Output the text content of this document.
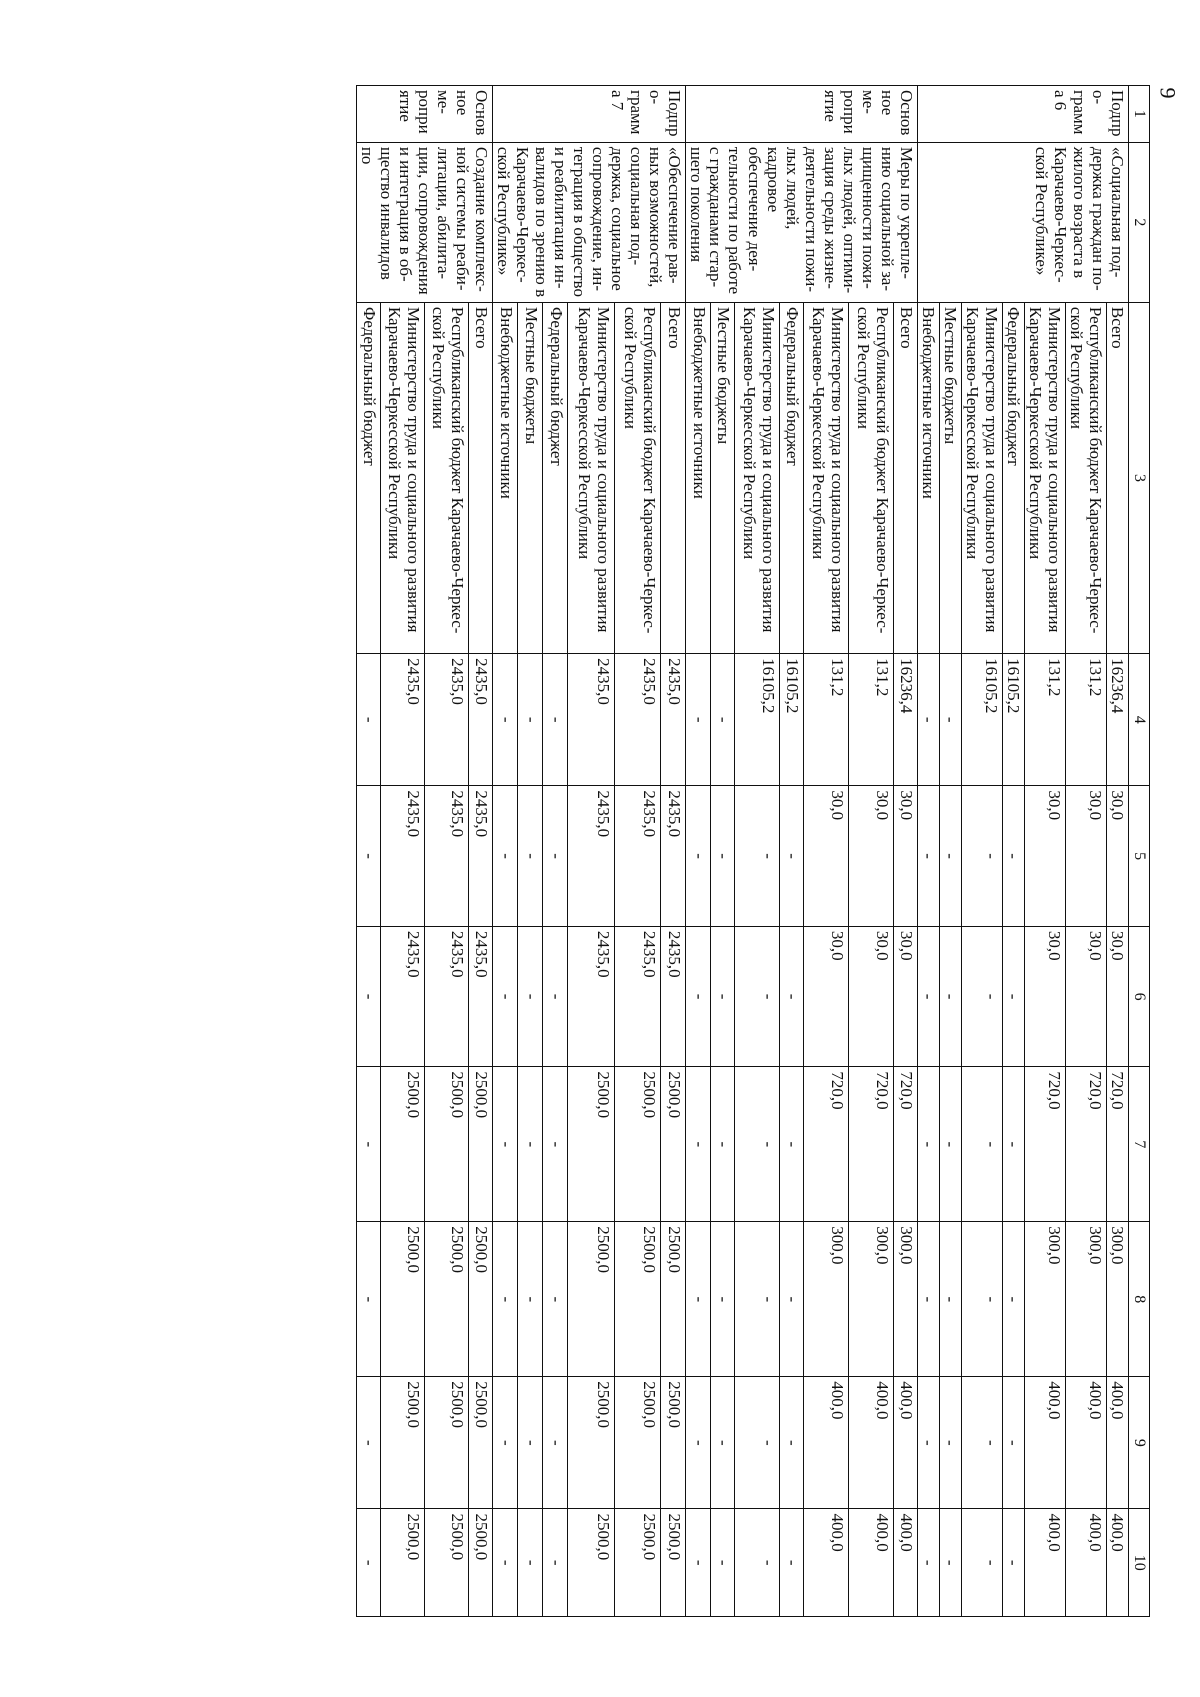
9
1	2	3	4	5	6	7	8	9	10
Подпро-грамма 6	«Социальная под-держка граждан по-жилого возраста в Карачаево-Черкес-ской Республике»	Всего	16236,4	30,0	30,0	720,0	300,0	400,0	400,0
		Республиканский бюджет Карачаево-Черкес-ской Республики	131,2	30,0	30,0	720,0	300,0	400,0	400,0
		Министерство труда и социального развития Карачаево-Черкесской Республики	131,2	30,0	30,0	720,0	300,0	400,0	400,0
		Федеральный бюджет	16105,2	-	-	-	-	-	-
		Министерство труда и социального развития Карачаево-Черкесской Республики	16105,2	-	-	-	-	-	-
		Местные бюджеты	-	-	-	-	-	-	-
		Внебюджетные источники	-	-	-	-	-	-	-
Основное ме-роприятие	Меры по укрепле-нию социальной за-щищенности пожи-лых людей, оптими-зация среды жизне-деятельности пожи-лых людей, кадровое обеспечение дея-тельности по работе с гражданами стар-шего поколения	Всего	16236,4	30,0	30,0	720,0	300,0	400,0	400,0
		Республиканский бюджет Карачаево-Черкес-ской Республики	131,2	30,0	30,0	720,0	300,0	400,0	400,0
		Министерство труда и социального развития Карачаево-Черкесской Республики	131,2	30,0	30,0	720,0	300,0	400,0	400,0
		Федеральный бюджет	16105,2	-	-	-	-	-	-
		Министерство труда и социального развития Карачаево-Черкесской Республики	16105,2	-	-	-	-	-	-
		Местные бюджеты	-	-	-	-	-	-	-
		Внебюджетные источники	-	-	-	-	-	-	-
Подпро-грамма 7	«Обеспечение рав-ных возможностей, социальная под-держка, социальное сопровождение, ин-теграция в общество и реабилитация ин-валидов по зрению в Карачаево-Черкес-ской Республике»	Всего	2435,0	2435,0	2435,0	2500,0	2500,0	2500,0	2500,0
		Республиканский бюджет Карачаево-Черкес-ской Республики	2435,0	2435,0	2435,0	2500,0	2500,0	2500,0	2500,0
		Министерство труда и социального развития Карачаево-Черкесской Республики	2435,0	2435,0	2435,0	2500,0	2500,0	2500,0	2500,0
		Федеральный бюджет	-	-	-	-	-	-	-
		Местные бюджеты	-	-	-	-	-	-	-
		Внебюджетные источники	-	-	-	-	-	-	-
Основное ме-роприятие	Создание комплекс-ной системы реаби-литации, абилита-ции, сопровождения и интеграция в об-щество инвалидов по	Всего	2435,0	2435,0	2435,0	2500,0	2500,0	2500,0	2500,0
		Республиканский бюджет Карачаево-Черкес-ской Республики	2435,0	2435,0	2435,0	2500,0	2500,0	2500,0	2500,0
		Министерство труда и социального развития Карачаево-Черкесской Республики	2435,0	2435,0	2435,0	2500,0	2500,0	2500,0	2500,0
		Федеральный бюджет	-	-	-	-	-	-	-
